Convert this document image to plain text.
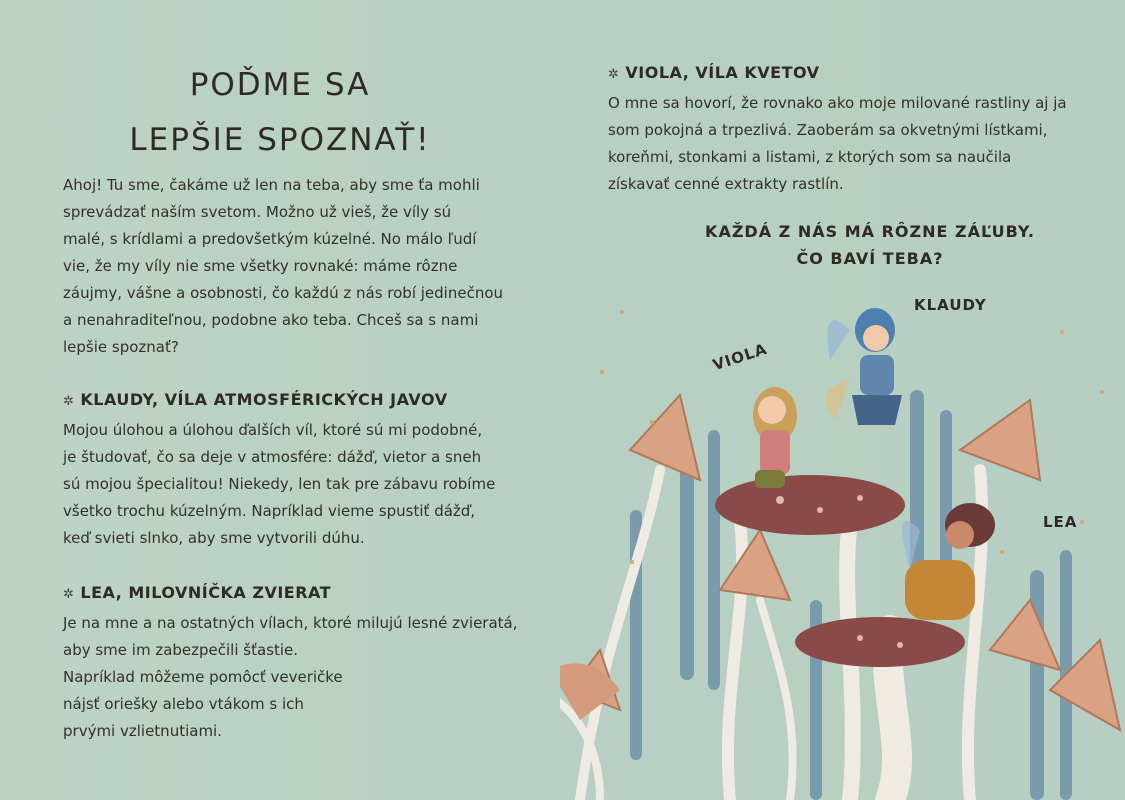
POĎME SA
LEPŠIE SPOZNAŤ!

Ahoj! Tu sme, čakáme už len na teba, aby sme ťa mohli
sprevádzať naším svetom. Možno už vieš, že víly sú
malé, s krídlami a predovšetkým kúzelné. No málo ľudí
vie, že my víly nie sme všetky rovnaké: máme rôzne
záujmy, vášne a osobnosti, čo každú z nás robí jedinečnou
a nenahraditeľnou, podobne ako teba. Chceš sa s nami
lepšie spoznať?

✲ KLAUDY, VÍLA ATMOSFÉRICKÝCH JAVOV

Mojou úlohou a úlohou ďalších víl, ktoré sú mi podobné,
je študovať, čo sa deje v atmosfére: dážď, vietor a sneh
sú mojou špecialitou! Niekedy, len tak pre zábavu robíme
všetko trochu kúzelným. Napríklad vieme spustiť dážď,
keď svieti slnko, aby sme vytvorili dúhu.

✲ LEA, MILOVNÍČKA ZVIERAT

Je na mne a na ostatných vílach, ktoré milujú lesné zvieratá,
aby sme im zabezpečili šťastie.
Napríklad môžeme pomôcť veveričke
nájsť oriešky alebo vtákom s ich
prvými vzlietnutiami.

✲ VIOLA, VÍLA KVETOV

O mne sa hovorí, že rovnako ako moje milované rastliny aj ja
som pokojná a trpezlivá. Zaoberám sa okvetnými lístkami,
koreňmi, stonkami a listami, z ktorých som sa naučila
získavať cenné extrakty rastlín.

KAŽDÁ Z NÁS MÁ RÔZNE ZÁĽUBY.
ČO BAVÍ TEBA?
VIOLA
KLAUDY
LEA
